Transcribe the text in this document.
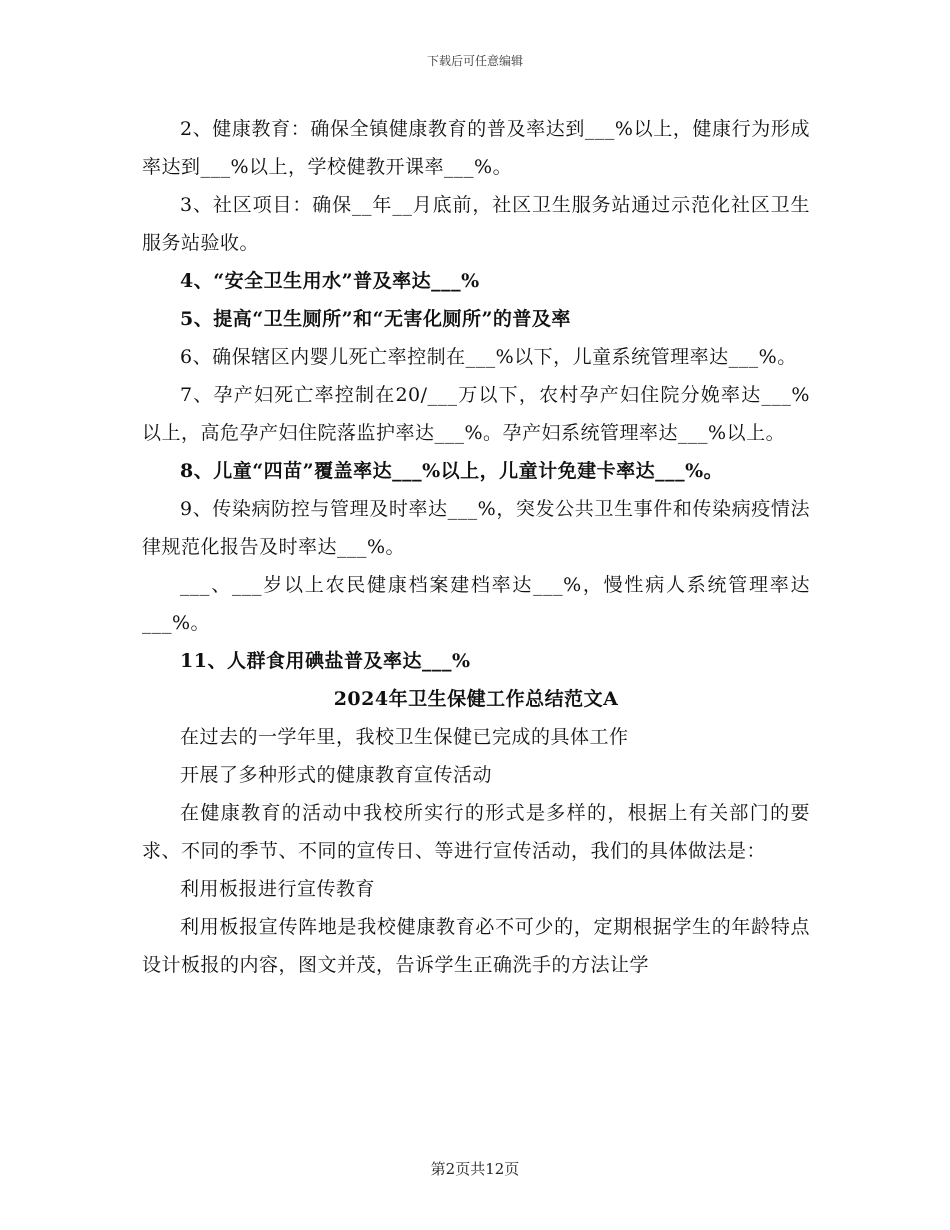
下载后可任意编辑

2、健康教育：确保全镇健康教育的普及率达到___%以上，健康行为形成率达到___%以上，学校健教开课率___%。

3、社区项目：确保__年__月底前，社区卫生服务站通过示范化社区卫生服务站验收。

4、“安全卫生用水”普及率达___%

5、提高“卫生厕所”和“无害化厕所”的普及率

6、确保辖区内婴儿死亡率控制在___%以下，儿童系统管理率达___%。

7、孕产妇死亡率控制在20/___万以下，农村孕产妇住院分娩率达___%以上，高危孕产妇住院落监护率达___%。孕产妇系统管理率达___%以上。

8、儿童“四苗”覆盖率达___%以上，儿童计免建卡率达___%。

9、传染病防控与管理及时率达___%，突发公共卫生事件和传染病疫情法律规范化报告及时率达___%。

___、___岁以上农民健康档案建档率达___%，慢性病人系统管理率达___%。

11、人群食用碘盐普及率达___%

2024年卫生保健工作总结范文A

在过去的一学年里，我校卫生保健已完成的具体工作

开展了多种形式的健康教育宣传活动

在健康教育的活动中我校所实行的形式是多样的，根据上有关部门的要求、不同的季节、不同的宣传日、等进行宣传活动，我们的具体做法是：

利用板报进行宣传教育

利用板报宣传阵地是我校健康教育必不可少的，定期根据学生的年龄特点设计板报的内容，图文并茂，告诉学生正确洗手的方法让学

第2页共12页
